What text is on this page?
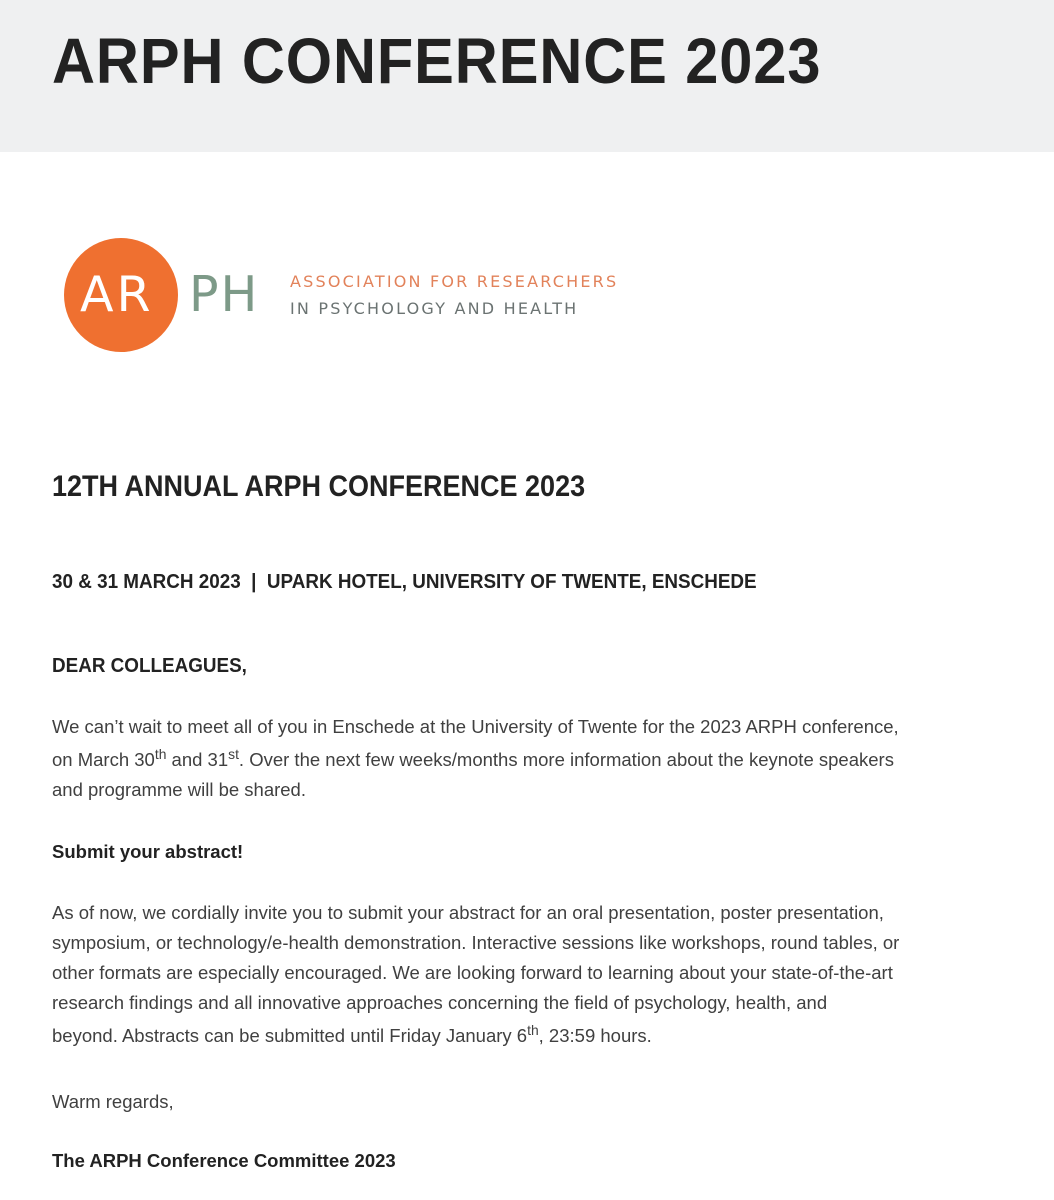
ARPH CONFERENCE 2023
AR PH ASSOCIATION FOR RESEARCHERS
IN PSYCHOLOGY AND HEALTH
12TH ANNUAL ARPH CONFERENCE 2023
30 & 31 MARCH 2023  |  UPARK HOTEL, UNIVERSITY OF TWENTE, ENSCHEDE
DEAR COLLEAGUES,

We can’t wait to meet all of you in Enschede at the University of Twente for the 2023 ARPH conference,
on March 30th and 31st. Over the next few weeks/months more information about the keynote speakers
and programme will be shared.

Submit your abstract!

As of now, we cordially invite you to submit your abstract for an oral presentation, poster presentation,
symposium, or technology/e-health demonstration. Interactive sessions like workshops, round tables, or
other formats are especially encouraged. We are looking forward to learning about your state-of-the-art
research findings and all innovative approaches concerning the field of psychology, health, and
beyond. Abstracts can be submitted until Friday January 6th, 23:59 hours.

Warm regards,

The ARPH Conference Committee 2023
